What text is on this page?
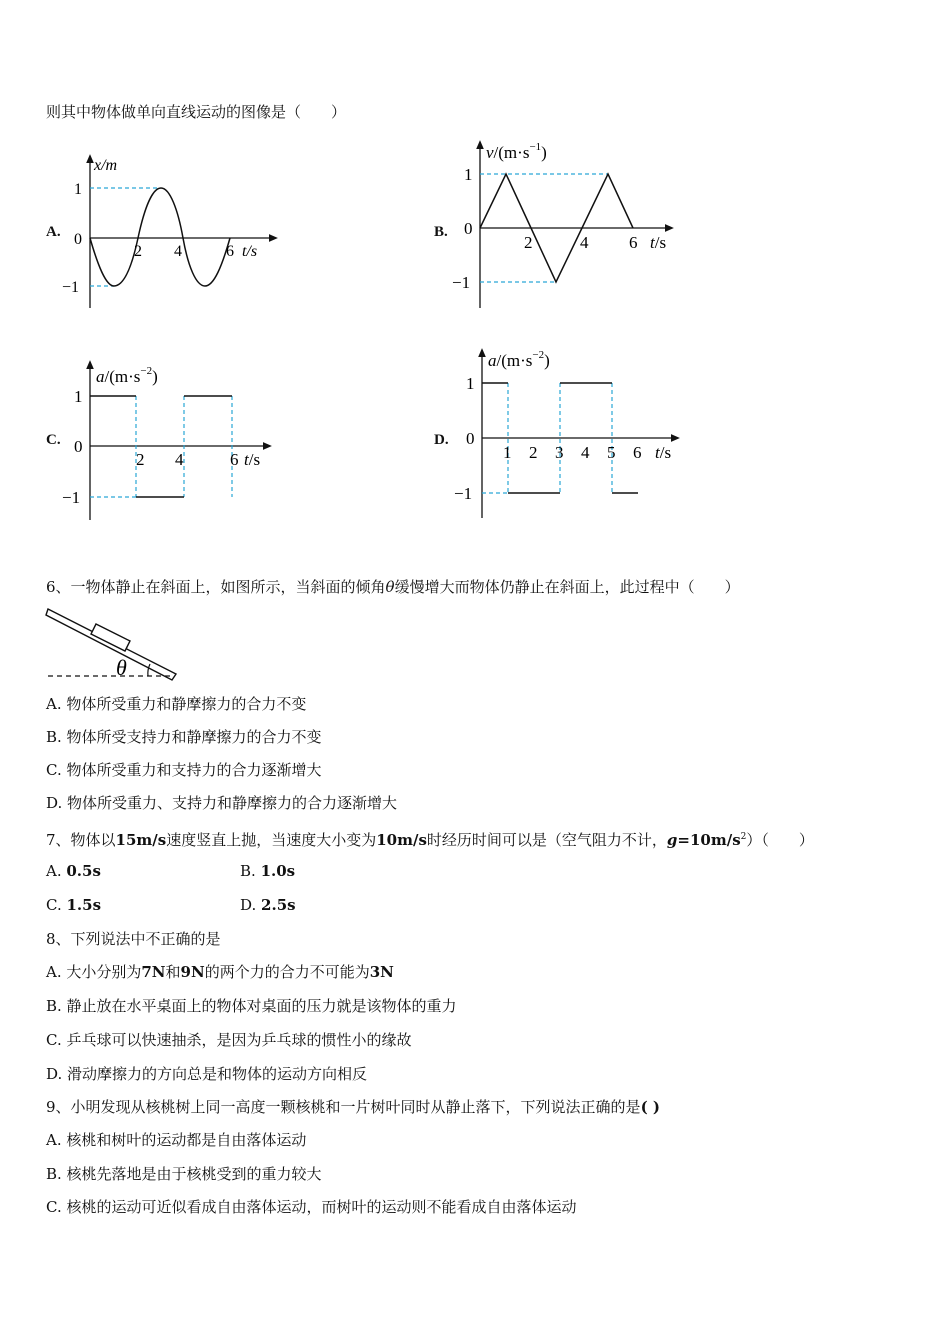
则其中物体做单向直线运动的图像是（　　）
A.
x/m
1
0
−1
2 4	6 t/s
B.
$v/(m\cdot s^{-1})$
1
0
−1
2	4 6 t/s
C.
$a/(m\cdot s^{-2})$
1
0
−1
2 4	6 t/s
D.
$a/(m\cdot s^{-2})$
1
0
−1
1 2 3 4 5 6 t/s
6、一物体静止在斜面上，如图所示，当斜面的倾角θ缓慢增大而物体仍静止在斜面上，此过程中（　　）
θ
A. 物体所受重力和静摩擦力的合力不变
B. 物体所受支持力和静摩擦力的合力不变
C. 物体所受重力和支持力的合力逐渐增大
D. 物体所受重力、支持力和静摩擦力的合力逐渐增大
7、物体以15m/s速度竖直上抛，当速度大小变为10m/s时经历时间可以是（空气阻力不计，$g=10m/s^2$）（　　）
A. 0.5s	B. 1.0s
C. 1.5s	D. 2.5s
8、下列说法中不正确的是
A. 大小分别为7N和9N的两个力的合力不可能为3N
B. 静止放在水平桌面上的物体对桌面的压力就是该物体的重力
C. 乒乓球可以快速抽杀，是因为乒乓球的惯性小的缘故
D. 滑动摩擦力的方向总是和物体的运动方向相反
9、小明发现从核桃树上同一高度一颗核桃和一片树叶同时从静止落下，下列说法正确的是( )
A. 核桃和树叶的运动都是自由落体运动
B. 核桃先落地是由于核桃受到的重力较大
C. 核桃的运动可近似看成自由落体运动，而树叶的运动则不能看成自由落体运动
